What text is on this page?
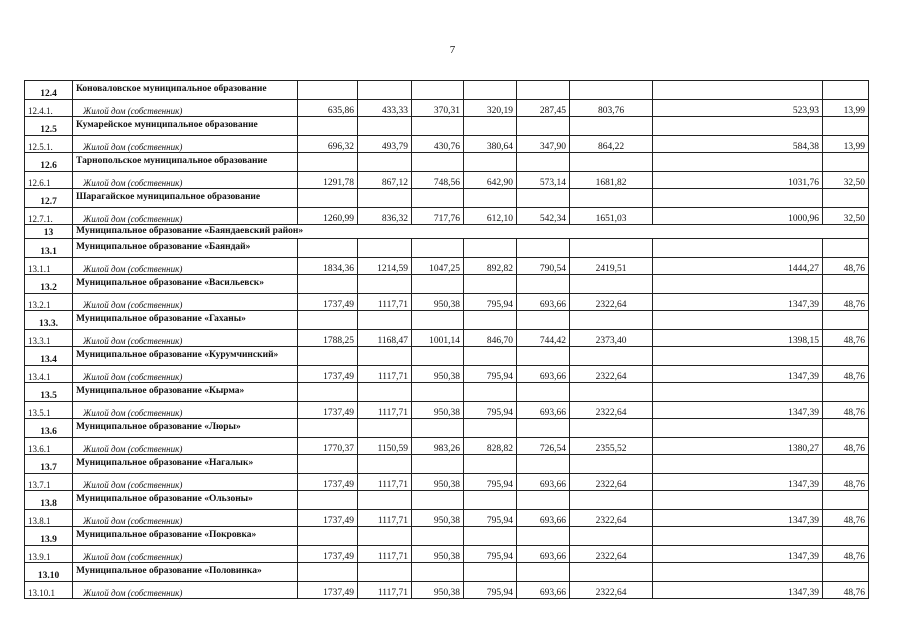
7
12.4	Коноваловское муниципальное образование								
12.4.1.	Жилой дом (собственник)	635,86	433,33	370,31	320,19	287,45	803,76	523,93	13,99
12.5	Кумарейское муниципальное образование								
12.5.1.	Жилой дом (собственник)	696,32	493,79	430,76	380,64	347,90	864,22	584,38	13,99
12.6	Тарнопольское муниципальное образование								
12.6.1	Жилой дом (собственник)	1291,78	867,12	748,56	642,90	573,14	1681,82	1031,76	32,50
12.7	Шарагайское муниципальное образование								
12.7.1.	Жилой дом (собственник)	1260,99	836,32	717,76	612,10	542,34	1651,03	1000,96	32,50
13	Муниципальное образование «Баяндаевский район»								
13.1	Муниципальное образование «Баяндай»								
13.1.1	Жилой дом (собственник)	1834,36	1214,59	1047,25	892,82	790,54	2419,51	1444,27	48,76
13.2	Муниципальное образование «Васильевск»								
13.2.1	Жилой дом (собственник)	1737,49	1117,71	950,38	795,94	693,66	2322,64	1347,39	48,76
13.3.	Муниципальное образование «Гаханы»								
13.3.1	Жилой дом (собственник)	1788,25	1168,47	1001,14	846,70	744,42	2373,40	1398,15	48,76
13.4	Муниципальное образование «Курумчинский»								
13.4.1	Жилой дом (собственник)	1737,49	1117,71	950,38	795,94	693,66	2322,64	1347,39	48,76
13.5	Муниципальное образование «Кырма»								
13.5.1	Жилой дом (собственник)	1737,49	1117,71	950,38	795,94	693,66	2322,64	1347,39	48,76
13.6	Муниципальное образование «Люры»								
13.6.1	Жилой дом (собственник)	1770,37	1150,59	983,26	828,82	726,54	2355,52	1380,27	48,76
13.7	Муниципальное образование «Нагалык»								
13.7.1	Жилой дом (собственник)	1737,49	1117,71	950,38	795,94	693,66	2322,64	1347,39	48,76
13.8	Муниципальное образование «Ользоны»								
13.8.1	Жилой дом (собственник)	1737,49	1117,71	950,38	795,94	693,66	2322,64	1347,39	48,76
13.9	Муниципальное образование «Покровка»								
13.9.1	Жилой дом (собственник)	1737,49	1117,71	950,38	795,94	693,66	2322,64	1347,39	48,76
13.10	Муниципальное образование «Половинка»								
13.10.1	Жилой дом (собственник)	1737,49	1117,71	950,38	795,94	693,66	2322,64	1347,39	48,76
